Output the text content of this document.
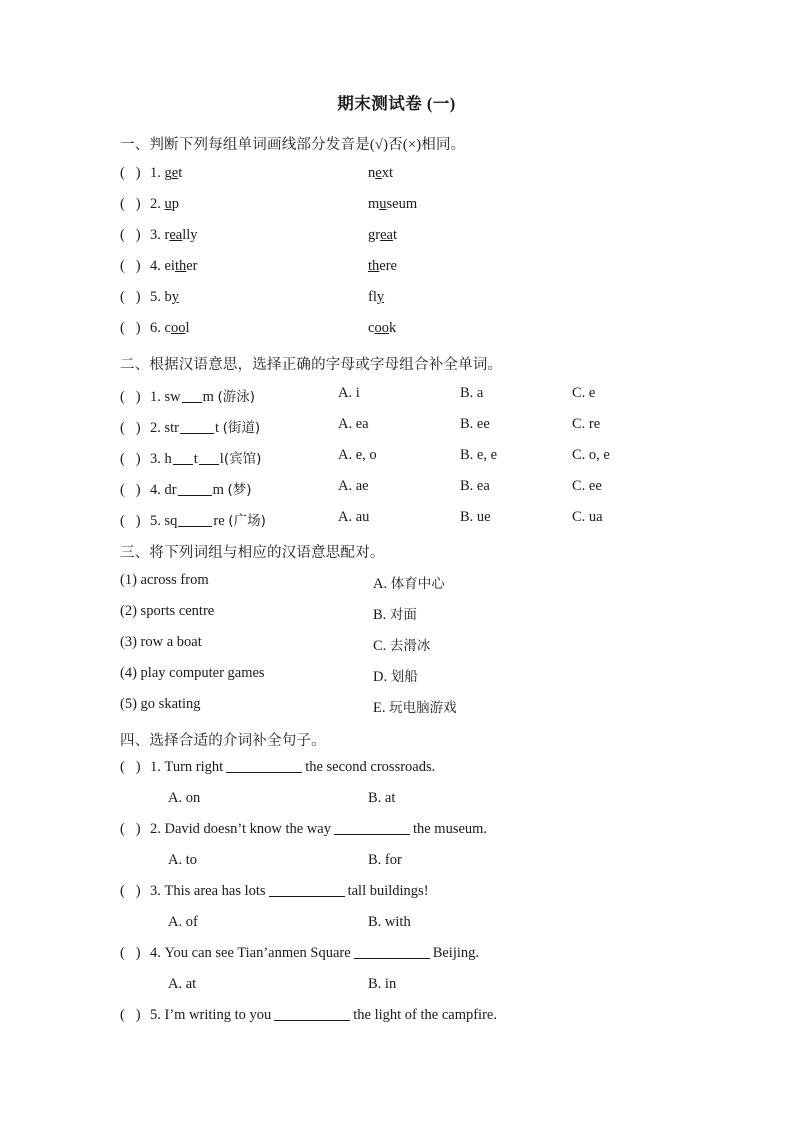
期末测试卷 (一)
一、判断下列每组单词画线部分发音是(√)否(×)相同。
(   ) 1. get	next
(   ) 2. up	museum
(   ) 3. really	great
(   ) 4. either	there
(   ) 5. by	fly
(   ) 6. cool	cook
二、根据汉语意思，选择正确的字母或字母组合补全单词。
(   ) 1. sw m (游泳)	A. i	B. a	C. e
(   ) 2. str t (街道)	A. ea	B. ee	C. re
(   ) 3. h t l(宾馆)	A. e, o	B. e, e	C. o, e
(   ) 4. dr m (梦)	A. ae	B. ea	C. ee
(   ) 5. sq re (广场)	A. au	B. ue	C. ua
三、将下列词组与相应的汉语意思配对。
(1) across from	A. 体育中心
(2) sports centre	B. 对面
(3) row a boat	C. 去滑冰
(4) play computer games	D. 划船
(5) go skating	E. 玩电脑游戏
四、选择合适的介词补全句子。
(   ) 1. Turn right	the second crossroads.
A. on	B. at
(   ) 2. David doesn’t know the way	the museum.
A. to	B. for
(   ) 3. This area has lots	tall buildings!
A. of	B. with
(   ) 4. You can see Tian’anmen Square	Beijing.
A. at	B. in
(   ) 5. I’m writing to you	the light of the campfire.
